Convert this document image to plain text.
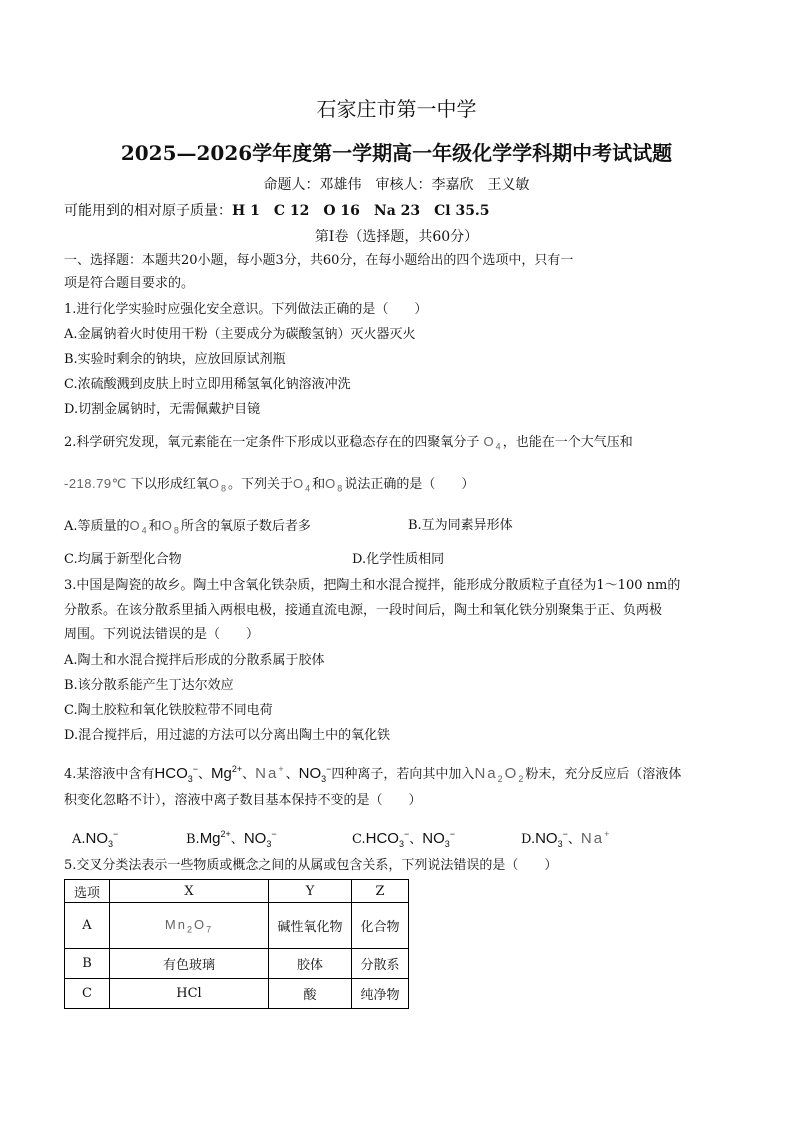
石家庄市第一中学
2025—2026学年度第一学期高一年级化学学科期中考试试题
命题人：邓雄伟　审核人：李嘉欣　王义敏
可能用到的相对原子质量：H 1　C 12　O 16　Na 23　Cl 35.5
第Ⅰ卷（选择题，共60分）
一、选择题：本题共20小题，每小题3分，共60分，在每小题给出的四个选项中，只有一
项是符合题目要求的。
1.进行化学实验时应强化安全意识。下列做法正确的是（　　）
A.金属钠着火时使用干粉（主要成分为碳酸氢钠）灭火器灭火
B.实验时剩余的钠块，应放回原试剂瓶
C.浓硫酸溅到皮肤上时立即用稀氢氧化钠溶液冲洗
D.切割金属钠时，无需佩戴护目镜
2.科学研究发现，氧元素能在一定条件下形成以亚稳态存在的四聚氧分子 $O_4$，也能在一个大气压和
-218.79℃ 下以形成红氧$O_8$。下列关于$O_4$和$O_8$说法正确的是（　　）
A.等质量的$O_4$和$O_8$所含的氧原子数后者多	B.互为同素异形体
C.均属于新型化合物	D.化学性质相同
3.中国是陶瓷的故乡。陶土中含氧化铁杂质，把陶土和水混合搅拌，能形成分散质粒子直径为1～100 nm的
分散系。在该分散系里插入两根电极，接通直流电源，一段时间后，陶土和氧化铁分别聚集于正、负两极
周围。下列说法错误的是（　　）
A.陶土和水混合搅拌后形成的分散系属于胶体
B.该分散系能产生丁达尔效应
C.陶土胶粒和氧化铁胶粒带不同电荷
D.混合搅拌后，用过滤的方法可以分离出陶土中的氧化铁
4.某溶液中含有$HCO_3^-$、$Mg^{2+}$、Na+、$NO_3^-$四种离子，若向其中加入$Na_2O_2$粉末，充分反应后（溶液体
积变化忽略不计），溶液中离子数目基本保持不变的是（　　）
$A.NO_3^-$	$B.Mg^{2+}$、$NO_3^-$	$C.HCO_3^-$、$NO_3^-$	$D.NO_3^-$、Na+
5.交叉分类法表示一些物质或概念之间的从属或包含关系，下列说法错误的是（　　）
选项	X	Y	Z
A	$Mn_2O_7$	碱性氧化物	化合物
B	有色玻璃	胶体	分散系
C	HCl	酸	纯净物
